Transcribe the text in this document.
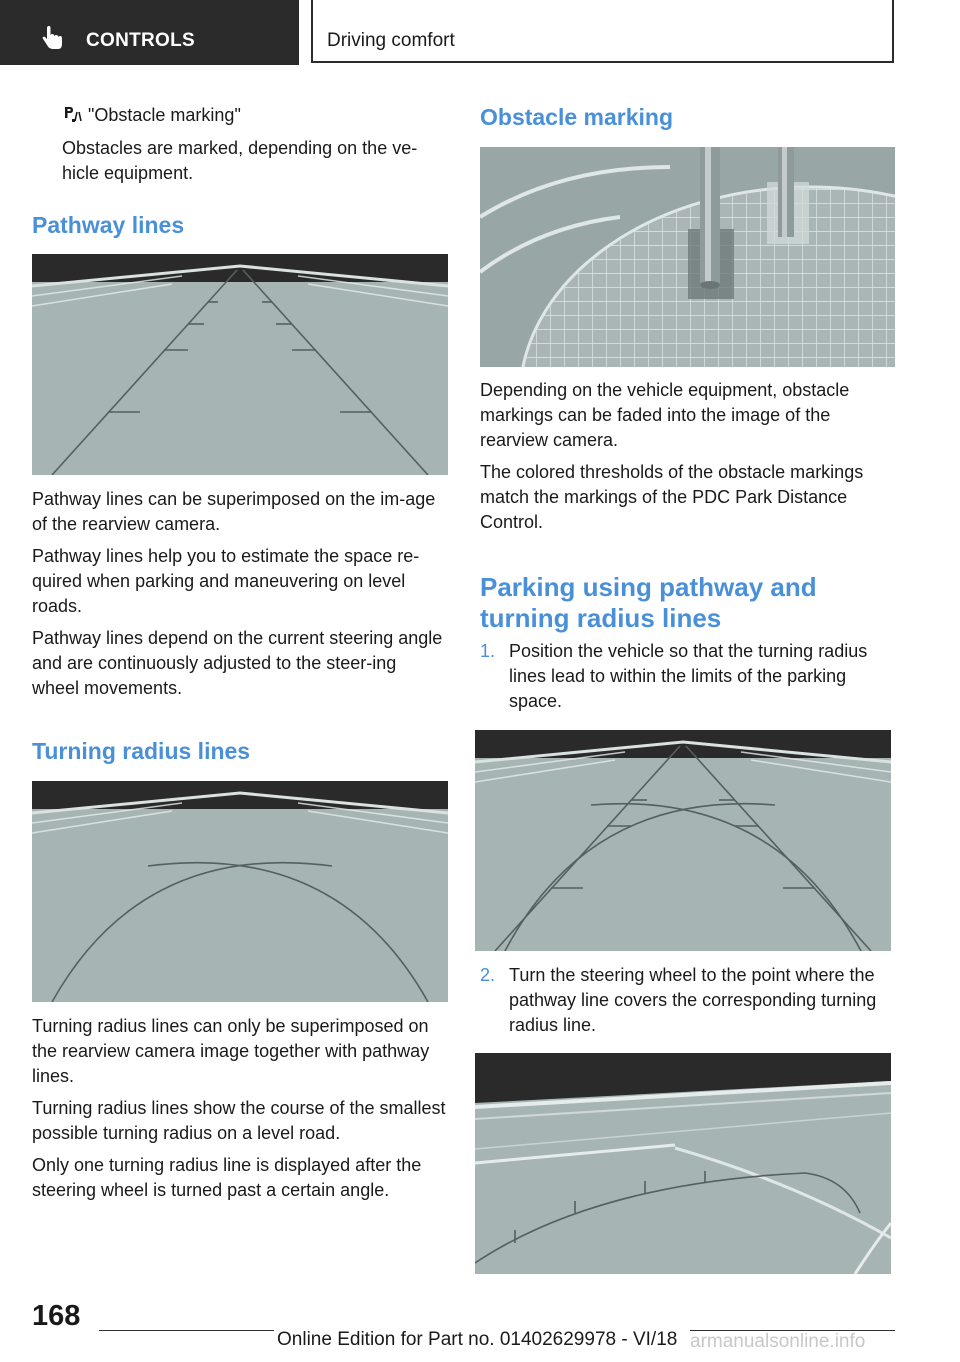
CONTROLS	Driving comfort
"Obstacle marking"

Obstacles are marked, depending on the ve-hicle equipment.

Pathway lines

Pathway lines can be superimposed on the im-age of the rearview camera.

Pathway lines help you to estimate the space re-quired when parking and maneuvering on level roads.

Pathway lines depend on the current steering angle and are continuously adjusted to the steer-ing wheel movements.

Turning radius lines

Turning radius lines can only be superimposed on the rearview camera image together with pathway lines.

Turning radius lines show the course of the smallest possible turning radius on a level road.

Only one turning radius line is displayed after the steering wheel is turned past a certain angle.

Obstacle marking

Depending on the vehicle equipment, obstacle markings can be faded into the image of the rearview camera.

The colored thresholds of the obstacle markings match the markings of the PDC Park Distance Control.

Parking using pathway and turning radius lines
1. Position the vehicle so that the turning radius lines lead to within the limits of the parking space.

2. Turn the steering wheel to the point where the pathway line covers the corresponding turning radius line.

168
Online Edition for Part no. 01402629978 - VI/18 armanualsonline.info
